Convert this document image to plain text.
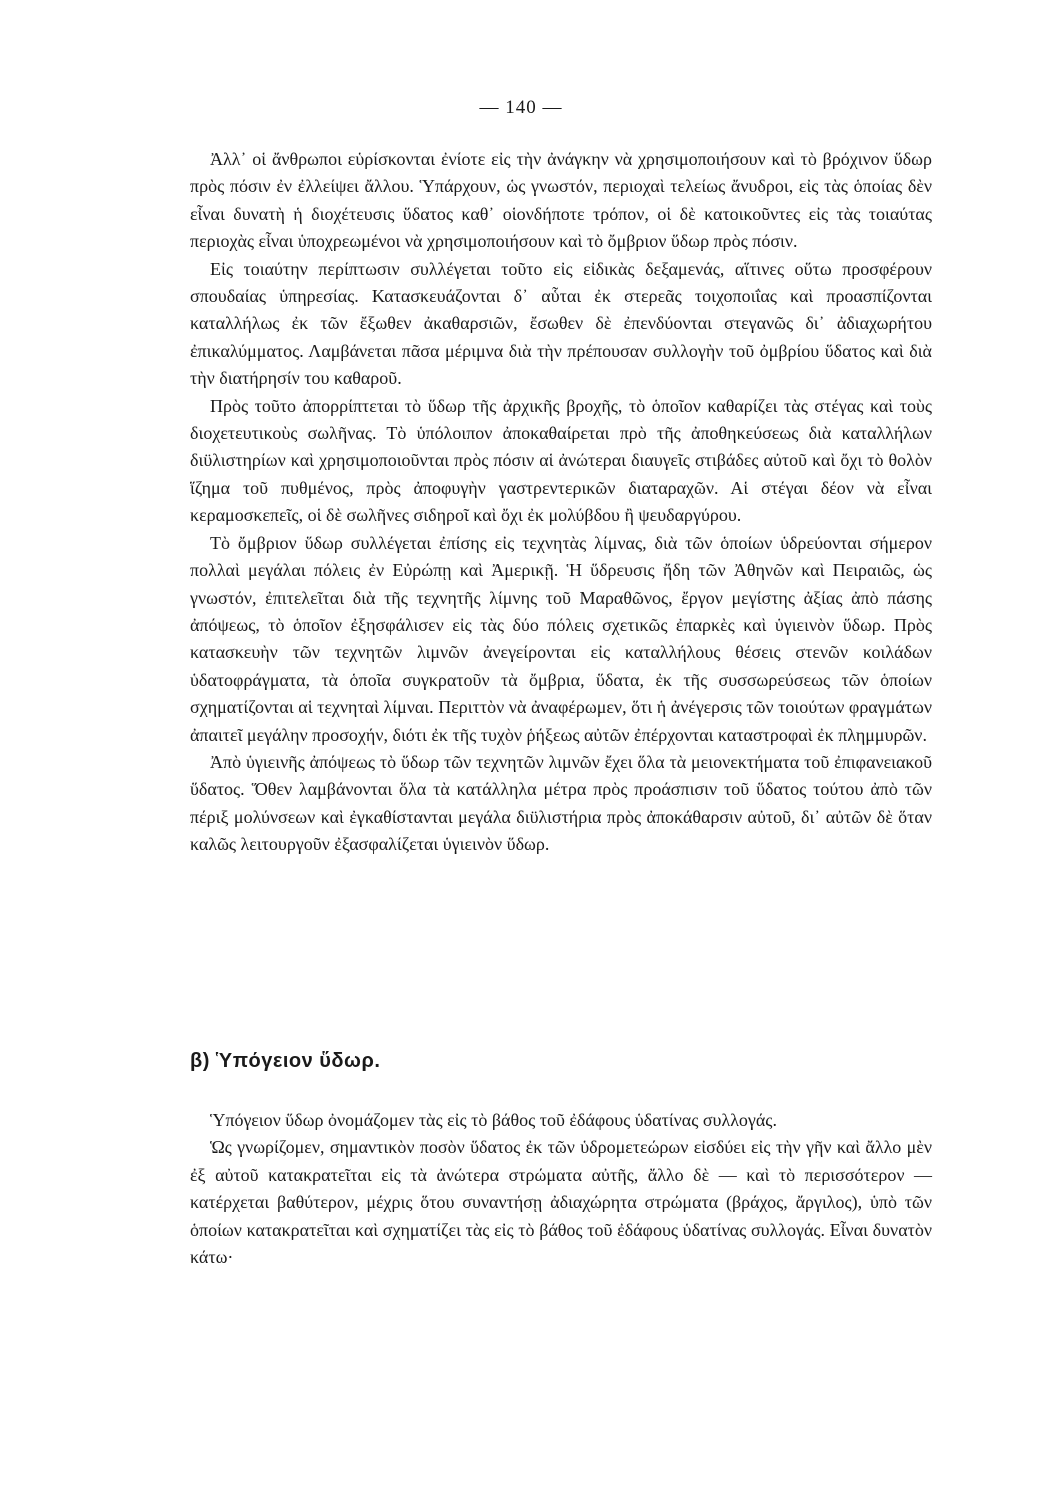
— 140 —

Ἀλλ᾽ οἱ ἄνθρωποι εὑρίσκονται ἐνίοτε εἰς τὴν ἀνάγκην νὰ χρησιμοποιήσουν καὶ τὸ βρόχινον ὕδωρ πρὸς πόσιν ἐν ἐλλείψει ἄλλου. Ὑπάρχουν, ὡς γνωστόν, περιοχαὶ τελείως ἄνυδροι, εἰς τὰς ὁποίας δὲν εἶναι δυνατὴ ἡ διοχέτευσις ὕδατος καθ᾽ οἱονδήποτε τρόπον, οἱ δὲ κατοικοῦντες εἰς τὰς τοιαύτας περιοχὰς εἶναι ὑποχρεωμένοι νὰ χρησιμοποιήσουν καὶ τὸ ὄμβριον ὕδωρ πρὸς πόσιν.

Εἰς τοιαύτην περίπτωσιν συλλέγεται τοῦτο εἰς εἰδικὰς δεξαμενάς, αἵτινες οὕτω προσφέρουν σπουδαίας ὑπηρεσίας. Κατασκευάζονται δ᾽ αὗται ἐκ στερεᾶς τοιχοποιΐας καὶ προασπίζονται καταλλήλως ἐκ τῶν ἔξωθεν ἀκαθαρσιῶν, ἔσωθεν δὲ ἐπενδύονται στεγανῶς δι᾽ ἀδιαχωρήτου ἐπικαλύμματος. Λαμβάνεται πᾶσα μέριμνα διὰ τὴν πρέπουσαν συλλογὴν τοῦ ὀμβρίου ὕδατος καὶ διὰ τὴν διατήρησίν του καθαροῦ.

Πρὸς τοῦτο ἀπορρίπτεται τὸ ὕδωρ τῆς ἀρχικῆς βροχῆς, τὸ ὁποῖον καθαρίζει τὰς στέγας καὶ τοὺς διοχετευτικοὺς σωλῆνας. Τὸ ὑπόλοιπον ἀποκαθαίρεται πρὸ τῆς ἀποθηκεύσεως διὰ καταλλήλων διϋλιστηρίων καὶ χρησιμοποιοῦνται πρὸς πόσιν αἱ ἀνώτεραι διαυγεῖς στιβάδες αὐτοῦ καὶ ὄχι τὸ θολὸν ἵζημα τοῦ πυθμένος, πρὸς ἀποφυγὴν γαστρεντερικῶν διαταραχῶν. Αἱ στέγαι δέον νὰ εἶναι κεραμοσκεπεῖς, οἱ δὲ σωλῆνες σιδηροῖ καὶ ὄχι ἐκ μολύβδου ἢ ψευδαργύρου.

Τὸ ὄμβριον ὕδωρ συλλέγεται ἐπίσης εἰς τεχνητὰς λίμνας, διὰ τῶν ὁποίων ὑδρεύονται σήμερον πολλαὶ μεγάλαι πόλεις ἐν Εὐρώπῃ καὶ Ἀμερικῇ. Ἡ ὕδρευσις ἤδη τῶν Ἀθηνῶν καὶ Πειραιῶς, ὡς γνωστόν, ἐπιτελεῖται διὰ τῆς τεχνητῆς λίμνης τοῦ Μαραθῶνος, ἔργον μεγίστης ἀξίας ἀπὸ πάσης ἀπόψεως, τὸ ὁποῖον ἐξησφάλισεν εἰς τὰς δύο πόλεις σχετικῶς ἐπαρκὲς καὶ ὑγιεινὸν ὕδωρ. Πρὸς κατασκευὴν τῶν τεχνητῶν λιμνῶν ἀνεγείρονται εἰς καταλλήλους θέσεις στενῶν κοιλάδων ὑδατοφράγματα, τὰ ὁποῖα συγκρατοῦν τὰ ὄμβρια, ὕδατα, ἐκ τῆς συσσωρεύσεως τῶν ὁποίων σχηματίζονται αἱ τεχνηταὶ λίμναι. Περιττὸν νὰ ἀναφέρωμεν, ὅτι ἡ ἀνέγερσις τῶν τοιούτων φραγμάτων ἀπαιτεῖ μεγάλην προσοχήν, διότι ἐκ τῆς τυχὸν ῥήξεως αὐτῶν ἐπέρχονται καταστροφαὶ ἐκ πλημμυρῶν.

Ἀπὸ ὑγιεινῆς ἀπόψεως τὸ ὕδωρ τῶν τεχνητῶν λιμνῶν ἔχει ὅλα τὰ μειονεκτήματα τοῦ ἐπιφανειακοῦ ὕδατος. Ὅθεν λαμβάνονται ὅλα τὰ κατάλληλα μέτρα πρὸς προάσπισιν τοῦ ὕδατος τούτου ἀπὸ τῶν πέριξ μολύνσεων καὶ ἐγκαθίστανται μεγάλα διϋλιστήρια πρὸς ἀποκάθαρσιν αὐτοῦ, δι᾽ αὐτῶν δὲ ὅταν καλῶς λειτουργοῦν ἐξασφαλίζεται ὑγιεινὸν ὕδωρ.

β) Ὑπόγειον ὕδωρ.

Ὑπόγειον ὕδωρ ὀνομάζομεν τὰς εἰς τὸ βάθος τοῦ ἐδάφους ὑδατίνας συλλογάς.

Ὡς γνωρίζομεν, σημαντικὸν ποσὸν ὕδατος ἐκ τῶν ὑδρομετεώρων εἰσδύει εἰς τὴν γῆν καὶ ἄλλο μὲν ἐξ αὐτοῦ κατακρατεῖται εἰς τὰ ἀνώτερα στρώματα αὐτῆς, ἄλλο δὲ — καὶ τὸ περισσότερον — κατέρχεται βαθύτερον, μέχρις ὅτου συναντήσῃ ἀδιαχώρητα στρώματα (βράχος, ἄργιλος), ὑπὸ τῶν ὁποίων κατακρατεῖται καὶ σχηματίζει τὰς εἰς τὸ βάθος τοῦ ἐδάφους ὑδατίνας συλλογάς. Εἶναι δυνατὸν κάτω·
